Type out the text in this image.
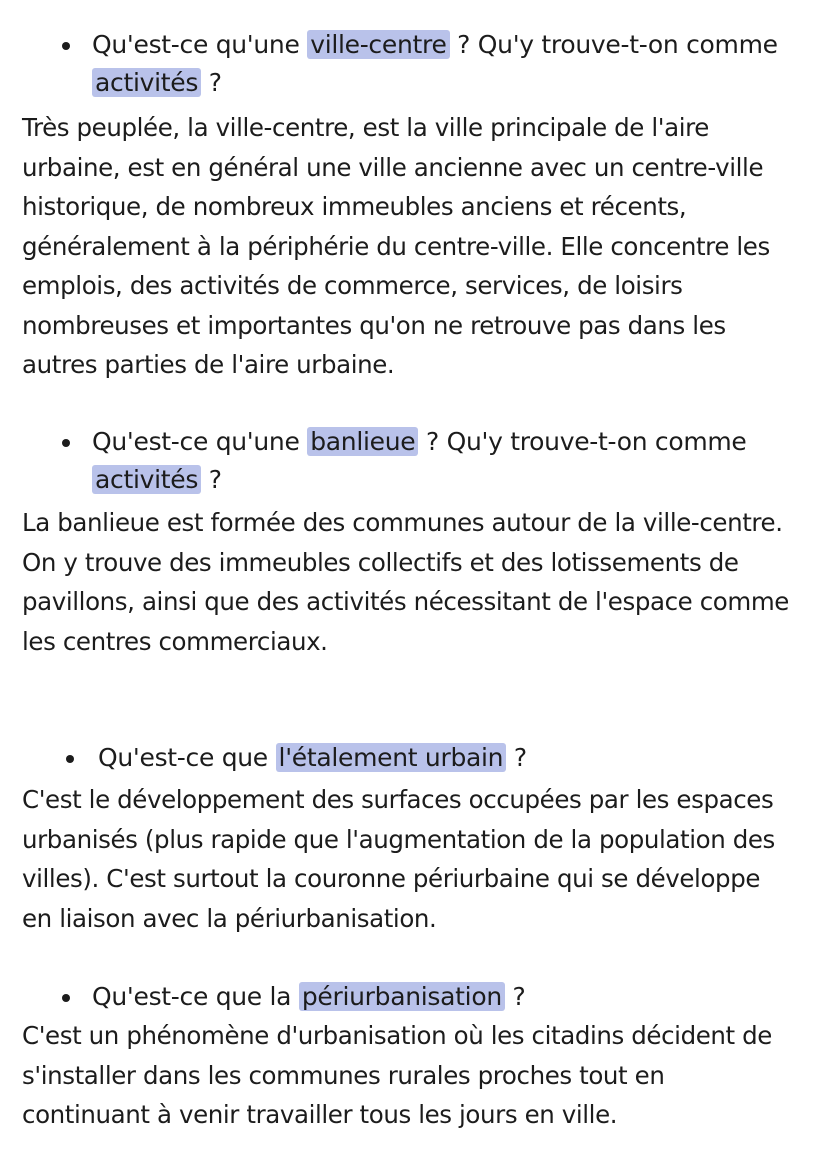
Qu'est-ce qu'une ville-centre ? Qu'y trouve-t-on comme
activités ?
Très peuplée, la ville-centre, est la ville principale de l'aire
urbaine, est en général une ville ancienne avec un centre-ville
historique, de nombreux immeubles anciens et récents,
généralement à la périphérie du centre-ville. Elle concentre les
emplois, des activités de commerce, services, de loisirs
nombreuses et importantes qu'on ne retrouve pas dans les
autres parties de l'aire urbaine.
Qu'est-ce qu'une banlieue ? Qu'y trouve-t-on comme
activités ?
La banlieue est formée des communes autour de la ville-centre.
On y trouve des immeubles collectifs et des lotissements de
pavillons, ainsi que des activités nécessitant de l'espace comme
les centres commerciaux.
Qu'est-ce que l'étalement urbain ?
C'est le développement des surfaces occupées par les espaces
urbanisés (plus rapide que l'augmentation de la population des
villes). C'est surtout la couronne périurbaine qui se développe
en liaison avec la périurbanisation.
Qu'est-ce que la périurbanisation ?
C'est un phénomène d'urbanisation où les citadins décident de
s'installer dans les communes rurales proches tout en
continuant à venir travailler tous les jours en ville.
